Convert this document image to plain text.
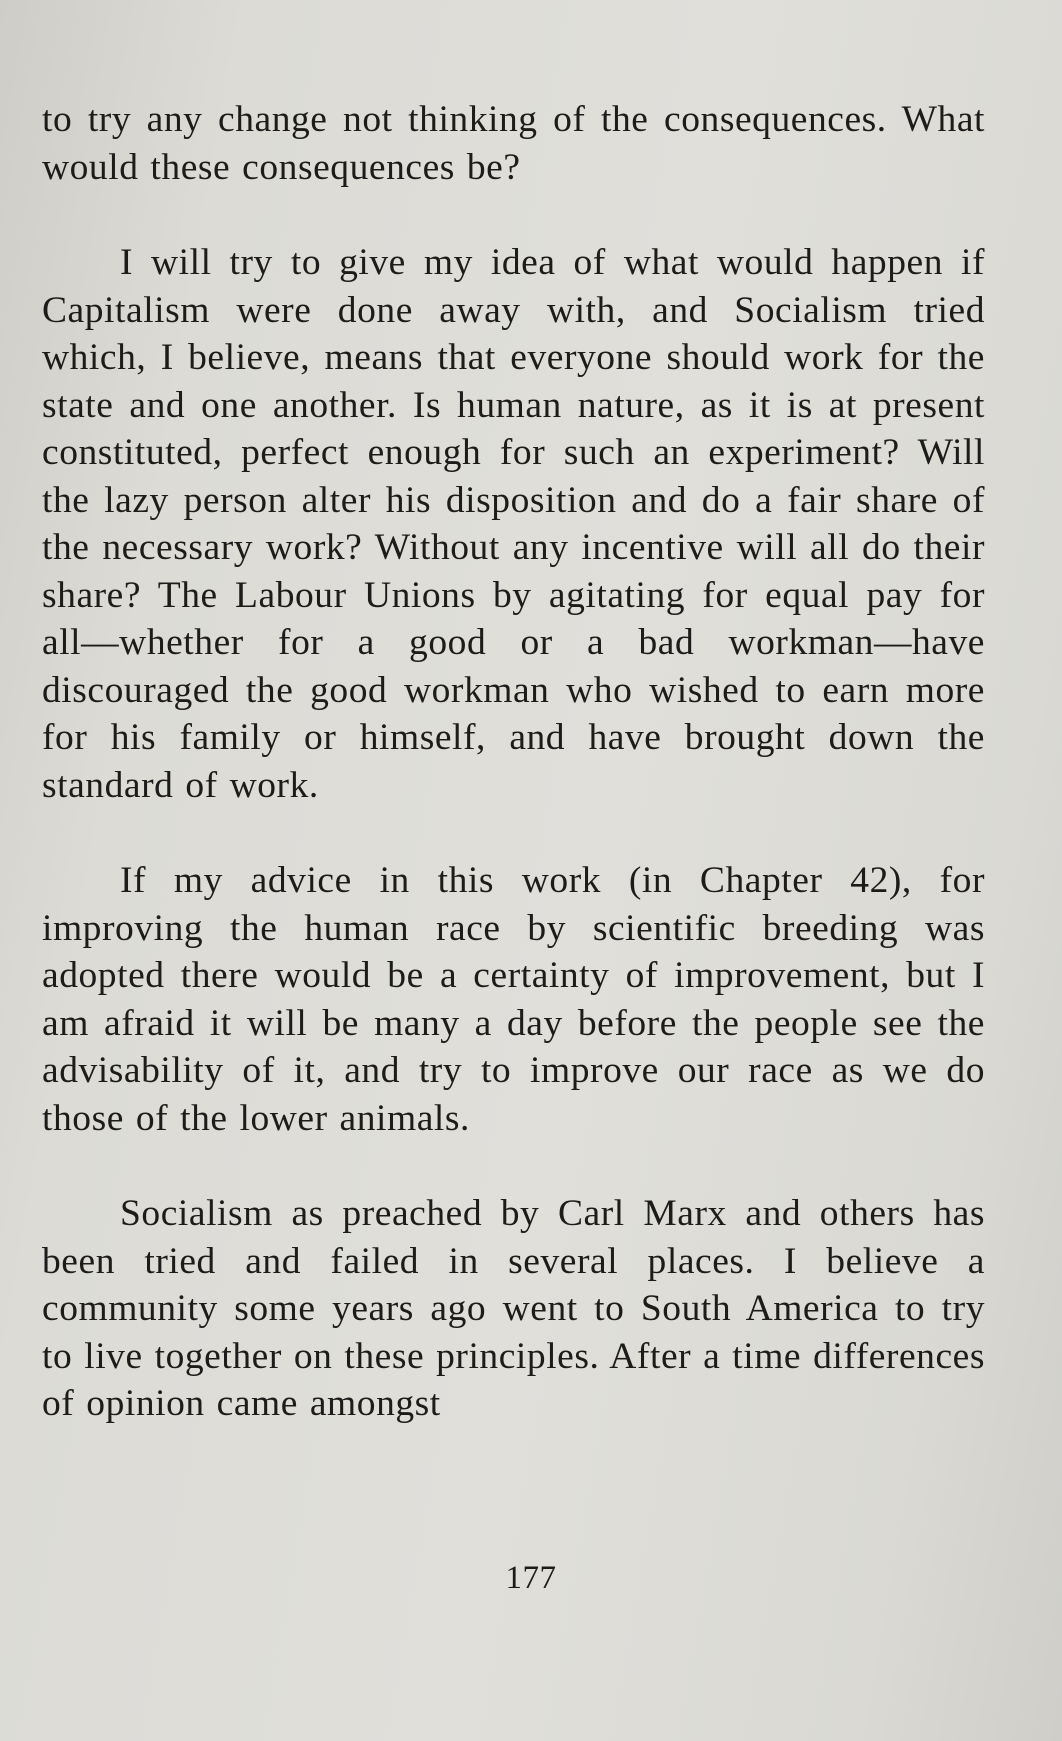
to try any change not thinking of the consequences. What would these consequences be?

I will try to give my idea of what would happen if Capitalism were done away with, and Socialism tried which, I believe, means that everyone should work for the state and one another. Is human nature, as it is at present constituted, perfect enough for such an experiment? Will the lazy person alter his disposition and do a fair share of the necessary work? Without any incentive will all do their share? The Labour Unions by agitating for equal pay for all—whether for a good or a bad workman—have discouraged the good workman who wished to earn more for his family or himself, and have brought down the standard of work.

If my advice in this work (in Chapter 42), for improving the human race by scientific breeding was adopted there would be a certainty of improvement, but I am afraid it will be many a day before the people see the advisability of it, and try to improve our race as we do those of the lower animals.

Socialism as preached by Carl Marx and others has been tried and failed in several places. I believe a community some years ago went to South America to try to live together on these principles. After a time differences of opinion came amongst

177
